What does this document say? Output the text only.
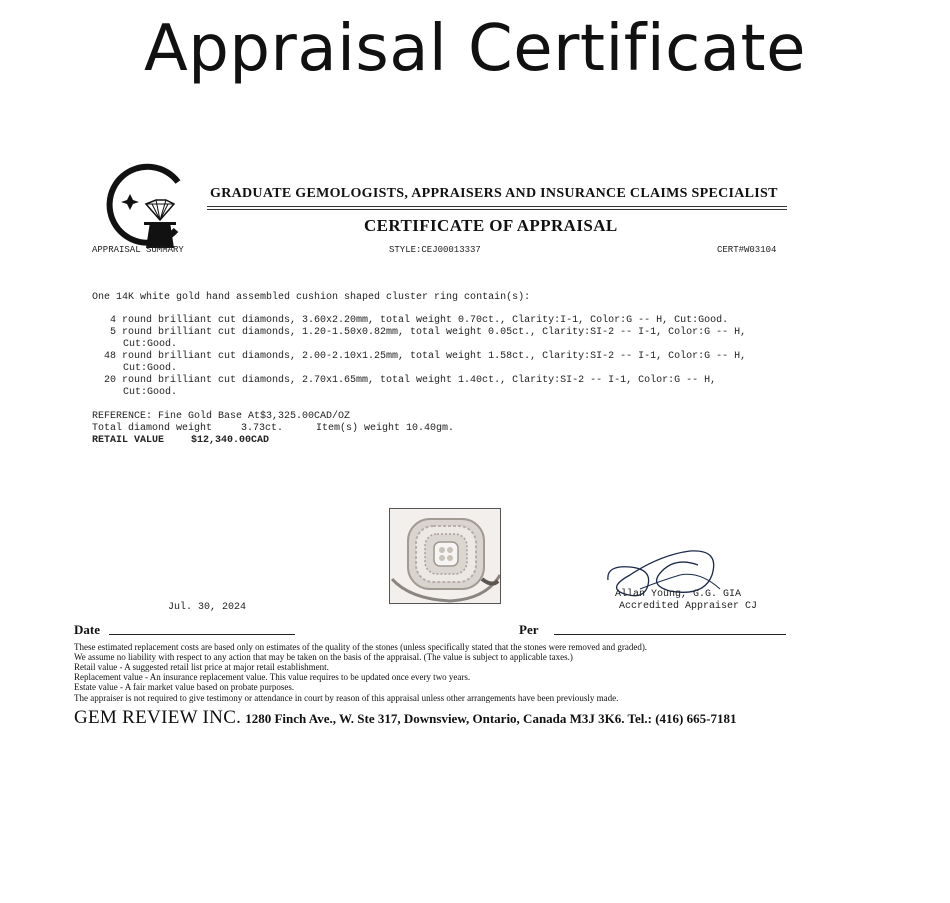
Appraisal Certificate
GRADUATE GEMOLOGISTS, APPRAISERS AND INSURANCE CLAIMS SPECIALIST
CERTIFICATE OF APPRAISAL
APPRAISAL SUMMARY	STYLE:CEJ00013337	CERT#W03104
One 14K white gold hand assembled cushion shaped cluster ring contain(s):
4 round brilliant cut diamonds, 3.60x2.20mm, total weight 0.70ct., Clarity:I-1, Color:G -- H, Cut:Good.
5 round brilliant cut diamonds, 1.20-1.50x0.82mm, total weight 0.05ct., Clarity:SI-2 -- I-1, Color:G -- H,
Cut:Good.
48 round brilliant cut diamonds, 2.00-2.10x1.25mm, total weight 1.58ct., Clarity:SI-2 -- I-1, Color:G -- H,
Cut:Good.
20 round brilliant cut diamonds, 2.70x1.65mm, total weight 1.40ct., Clarity:SI-2 -- I-1, Color:G -- H,
Cut:Good.
REFERENCE: Fine Gold Base At$3,325.00CAD/OZ
Total diamond weight	3.73ct.	Item(s) weight 10.40gm.
RETAIL VALUE	$12,340.00CAD
Allan Young, G.G. GIA
Accredited Appraiser CJ
Jul. 30, 2024
Date	Per
These estimated replacement costs are based only on estimates of the quality of the stones (unless specifically stated that the stones were removed and graded).
We assume no liability with respect to any action that may be taken on the basis of the appraisal. (The value is subject to applicable taxes.)
Retail value - A suggested retail list price at major retail establishment.
Replacement value - An insurance replacement value. This value requires to be updated once every two years.
Estate value - A fair market value based on probate purposes.
The appraiser is not required to give testimony or attendance in court by reason of this appraisal unless other arrangements have been previously made.
GEM REVIEW INC. 1280 Finch Ave., W. Ste 317, Downsview, Ontario, Canada M3J 3K6. Tel.: (416) 665-7181
